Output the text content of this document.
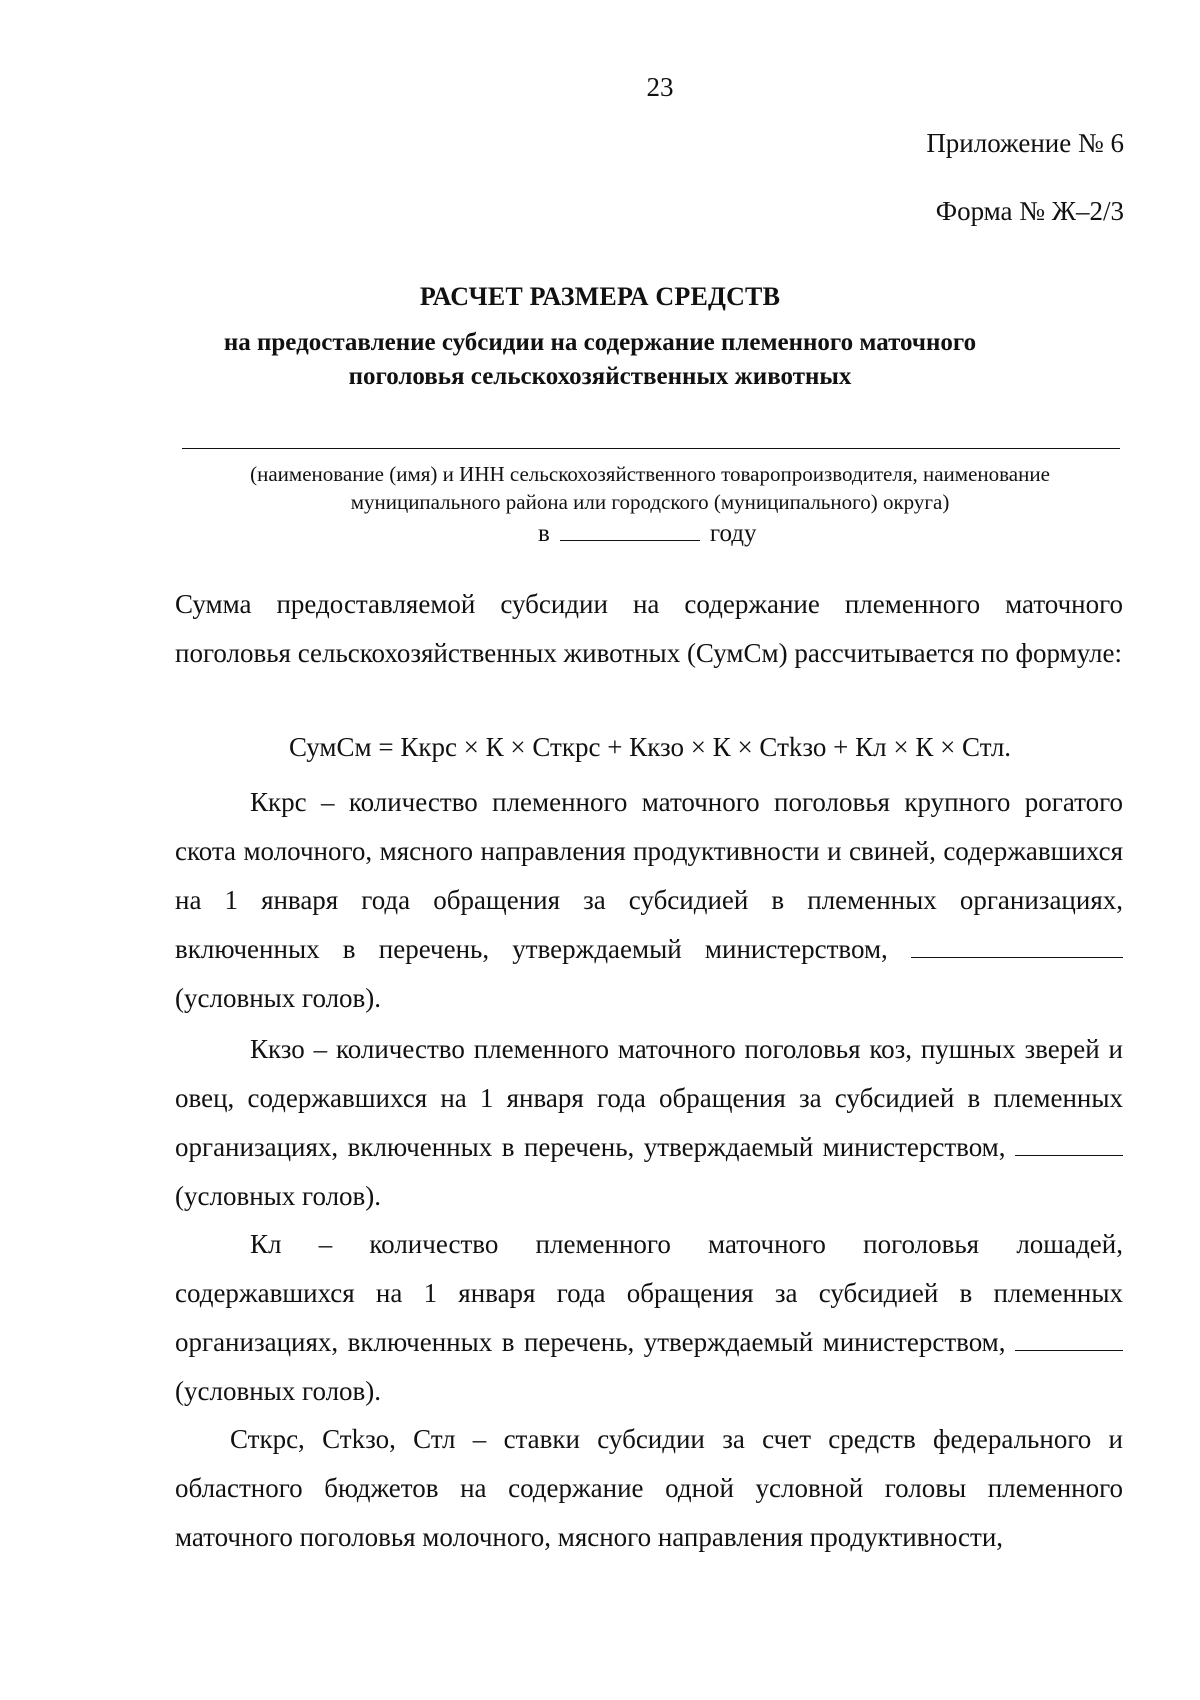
23
Приложение № 6
Форма № Ж–2/3
РАСЧЕТ РАЗМЕРА СРЕДСТВ
на предоставление субсидии на содержание племенного маточного
поголовья сельскохозяйственных животных
(наименование (имя) и ИНН сельскохозяйственного товаропроизводителя, наименование
муниципального района или городского (муниципального) округа)
в	году
Сумма предоставляемой субсидии на содержание племенного маточного поголовья сельскохозяйственных животных (СумСм) рассчитывается по формуле:
СумСм = Ккрс × К × Сткрс + Ккзо × К × Стkзо + Кл × К × Стл.
Ккрс – количество племенного маточного поголовья крупного рогатого скота молочного, мясного направления продуктивности и свиней, содержавшихся на 1 января года обращения за субсидией в племенных организациях, включенных в перечень, утверждаемый министерством,  (условных голов).
Ккзо – количество племенного маточного поголовья коз, пушных зверей и овец, содержавшихся на 1 января года обращения за субсидией в племенных организациях, включенных в перечень, утверждаемый министерством,  (условных голов).
Кл – количество племенного маточного поголовья лошадей, содержавшихся на 1 января года обращения за субсидией в племенных организациях, включенных в перечень, утверждаемый министерством,  (условных голов).
Сткрс, Стkзо, Стл – ставки субсидии за счет средств федерального и областного бюджетов на содержание одной условной головы племенного маточного поголовья молочного, мясного направления продуктивности,
